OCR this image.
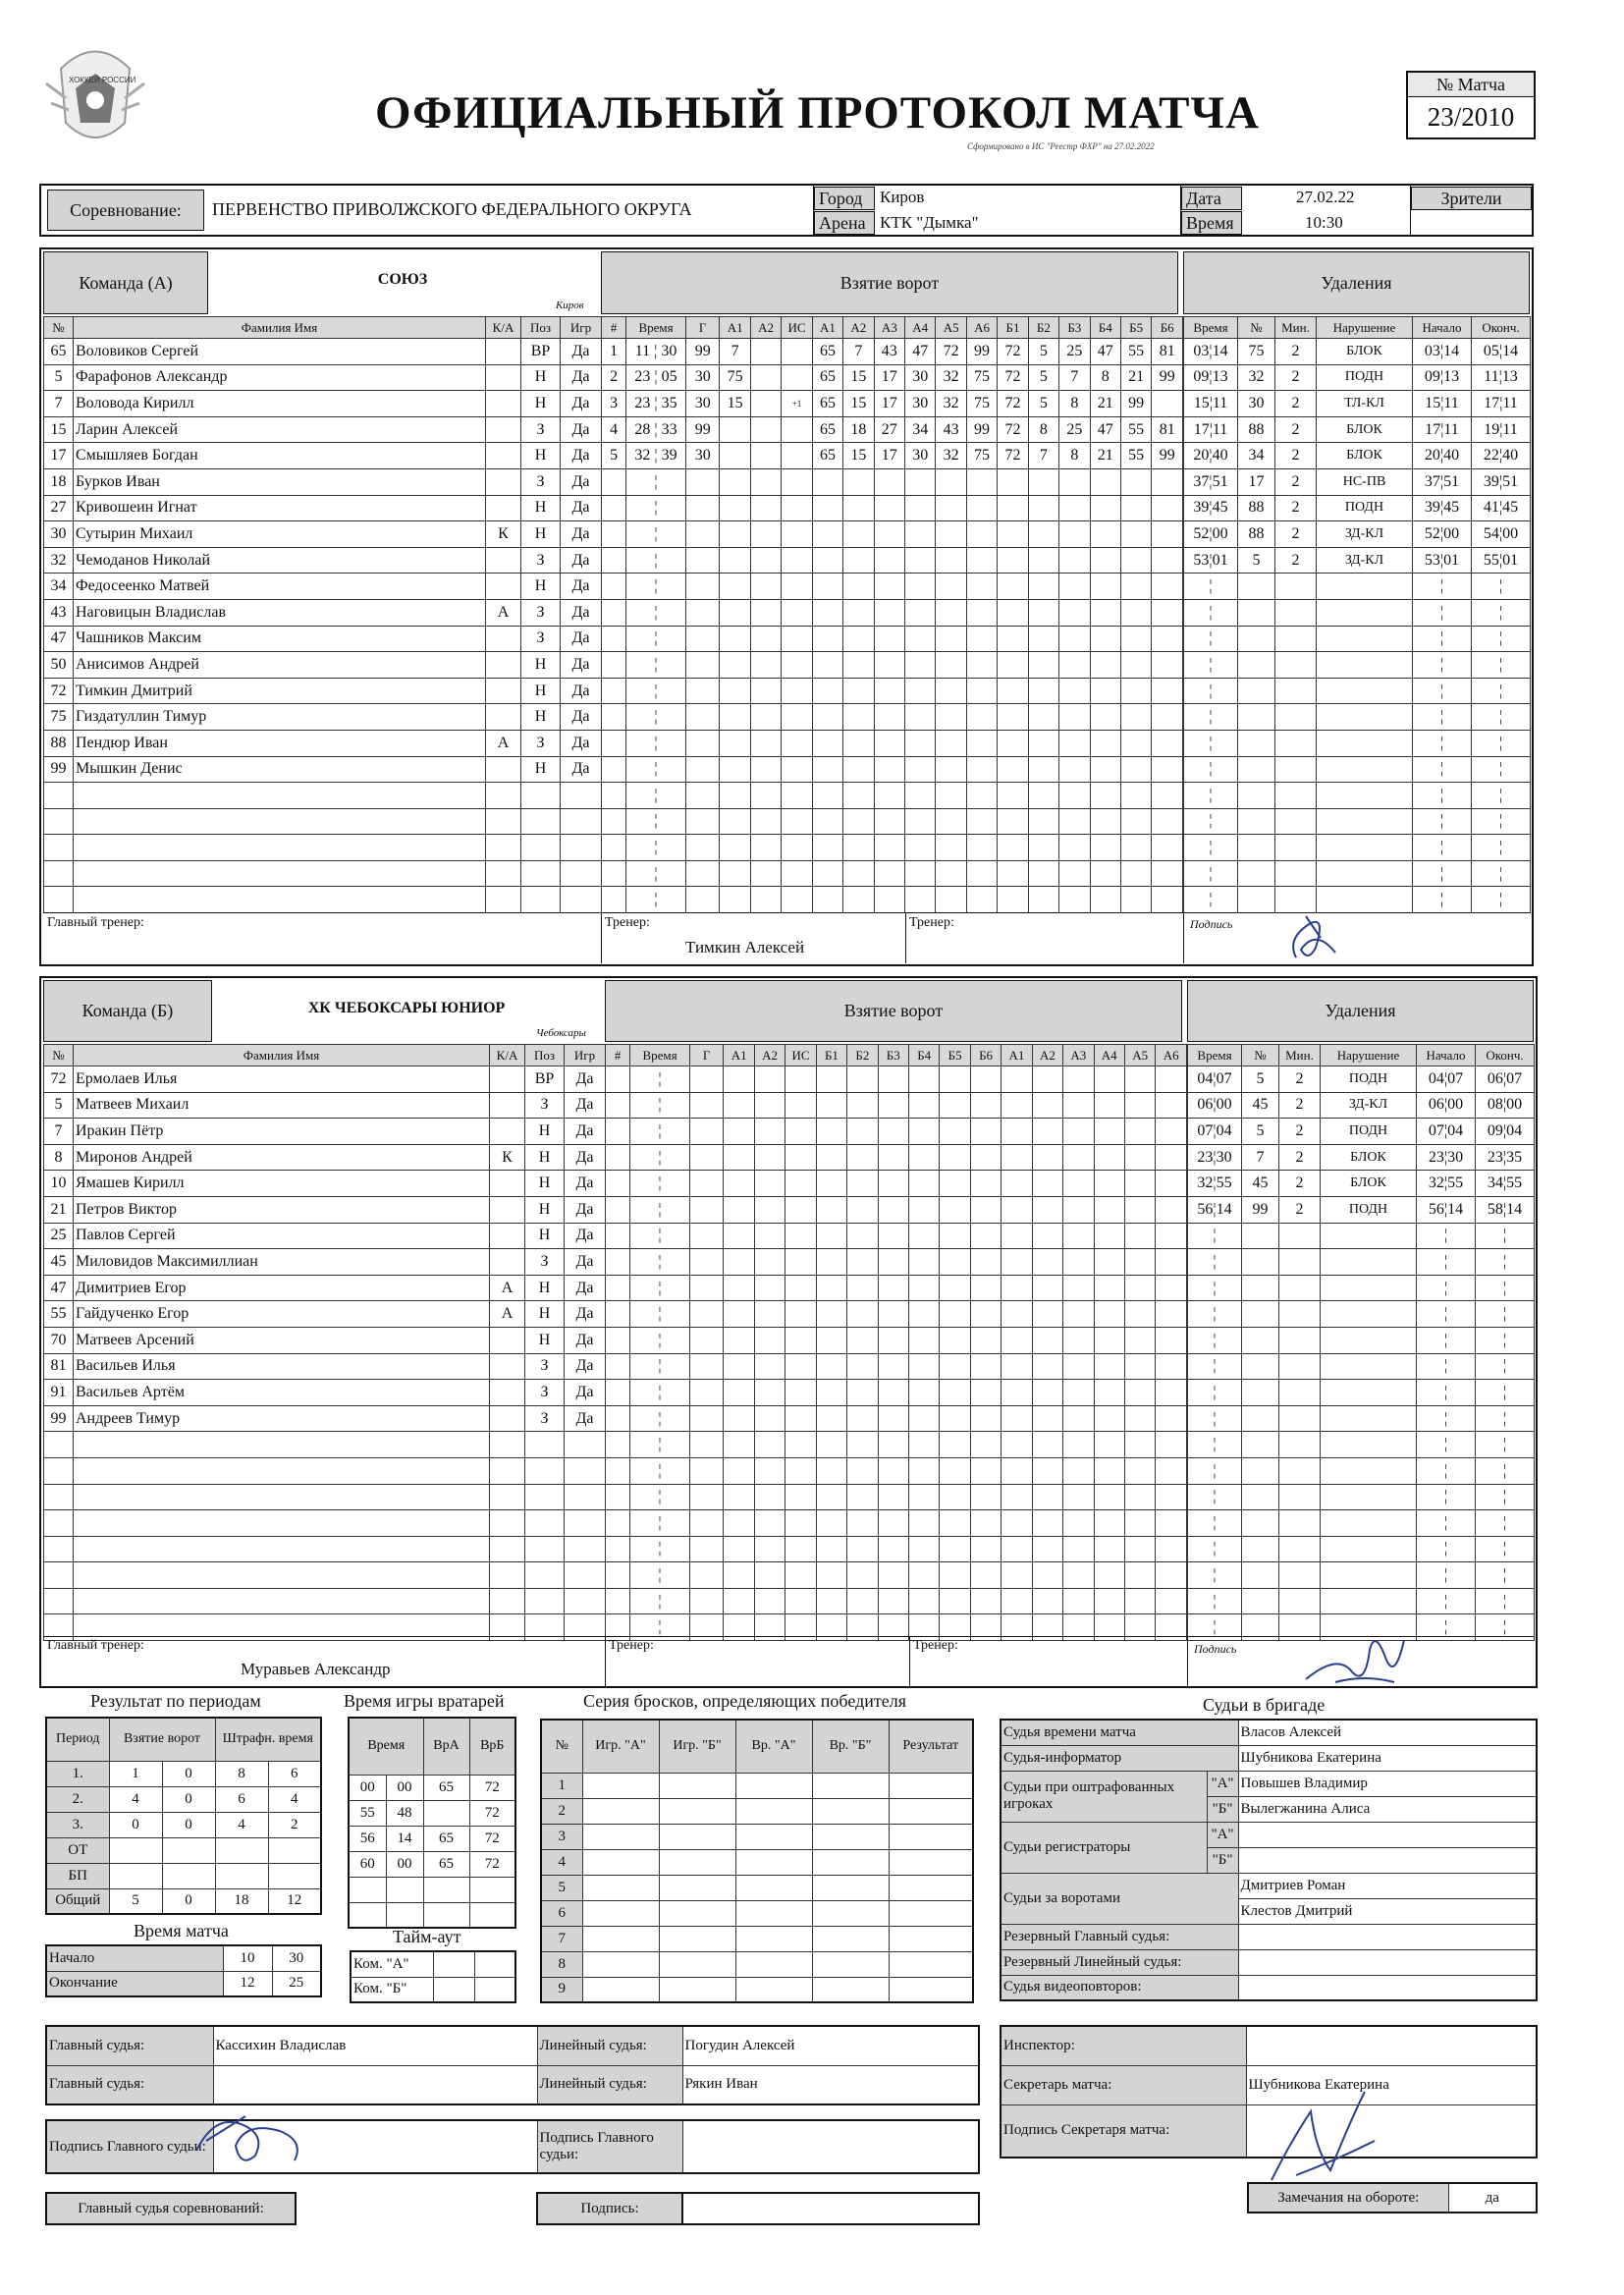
ХОККЕЙ РОССИИ
ОФИЦИАЛЬНЫЙ ПРОТОКОЛ МАТЧА
Сформировано в ИС "Реестр ФХР" на 27.02.2022
№ Матча
23/2010
Соревнование:	ПЕРВЕНСТВО ПРИВОЛЖСКОГО ФЕДЕРАЛЬНОГО ОКРУГА
Город	Киров
Арена КТК "Дымка"
Дата	27.02.22
Время	10:30
Зрители
Команда (А)	СОЮЗ
Киров
Взятие ворот	Удаления
№	Фамилия Имя	К/А	Поз	Игр
65	Воловиков Сергей		ВР	Да
5	Фарафонов Александр		Н	Да
7	Воловода Кирилл		Н	Да
15	Ларин Алексей		З	Да
17	Смышляев Богдан		Н	Да
18	Бурков Иван		З	Да
27	Кривошеин Игнат		Н	Да
30	Сутырин Михаил	К	Н	Да
32	Чемоданов Николай		З	Да
34	Федосеенко Матвей		Н	Да
43	Наговицын Владислав	А	З	Да
47	Чашников Максим		З	Да
50	Анисимов Андрей		Н	Да
72	Тимкин Дмитрий		Н	Да
75	Гиздатуллин Тимур		Н	Да
88	Пендюр Иван	А	З	Да
99	Мышкин Денис		Н	Да

#	Время	Г	А1	А2	ИС	А1	А2	А3	А4	А5	А6	Б1	Б2	Б3	Б4	Б5	Б6
1	11 ¦ 30	99	7			65	7	43	47	72	99	72	5	25	47	55	81
2	23 ¦ 05	30	75			65	15	17	30	32	75	72	5	7	8	21	99
3	23 ¦ 35	30	15		+1	65	15	17	30	32	75	72	5	8	21	99	
4	28 ¦ 33	99				65	18	27	34	43	99	72	8	25	47	55	81
5	32 ¦ 39	30				65	15	17	30	32	75	72	7	8	21	55	99
	¦																
	¦																
	¦																
	¦																
	¦																
	¦																
	¦																
	¦																
	¦																
	¦																
	¦																
	¦																
	¦																
	¦																
	¦																
	¦																
	¦																
Время	№	Мин.	Нарушение	Начало	Оконч.
03¦14	75	2	БЛОК	03¦14	05¦14
09¦13	32	2	ПОДН	09¦13	11¦13
15¦11	30	2	ТЛ-КЛ	15¦11	17¦11
17¦11	88	2	БЛОК	17¦11	19¦11
20¦40	34	2	БЛОК	20¦40	22¦40
37¦51	17	2	НС-ПВ	37¦51	39¦51
39¦45	88	2	ПОДН	39¦45	41¦45
52¦00	88	2	ЗД-КЛ	52¦00	54¦00
53¦01	5	2	ЗД-КЛ	53¦01	55¦01
¦				¦	¦
¦				¦	¦
¦				¦	¦
¦				¦	¦
¦				¦	¦
¦				¦	¦
¦				¦	¦
¦				¦	¦
¦				¦	¦
¦				¦	¦
¦				¦	¦
¦				¦	¦
¦				¦	¦
Главный тренер:	Тренер:
Тимкин Алексей
Тренер:	Подпись
Команда (Б)	ХК ЧЕБОКСАРЫ ЮНИОР
Чебоксары
Взятие ворот	Удаления
№	Фамилия Имя	К/А	Поз	Игр
72	Ермолаев Илья		ВР	Да
5	Матвеев Михаил		З	Да
7	Иракин Пётр		Н	Да
8	Миронов Андрей	К	Н	Да
10	Ямашев Кирилл		Н	Да
21	Петров Виктор		Н	Да
25	Павлов Сергей		Н	Да
45	Миловидов Максимиллиан		З	Да
47	Димитриев Егор	А	Н	Да
55	Гайдученко Егор	А	Н	Да
70	Матвеев Арсений		Н	Да
81	Васильев Илья		З	Да
91	Васильев Артём		З	Да
99	Андреев Тимур		З	Да

#	Время	Г	А1	А2	ИС	Б1	Б2	Б3	Б4	Б5	Б6	А1	А2	А3	А4	А5	А6
	¦																
	¦																
	¦																
	¦																
	¦																
	¦																
	¦																
	¦																
	¦																
	¦																
	¦																
	¦																
	¦																
	¦																
	¦																
	¦																
	¦																
	¦																
	¦																
	¦																
	¦																
	¦																
Время	№	Мин.	Нарушение	Начало	Оконч.
04¦07	5	2	ПОДН	04¦07	06¦07
06¦00	45	2	ЗД-КЛ	06¦00	08¦00
07¦04	5	2	ПОДН	07¦04	09¦04
23¦30	7	2	БЛОК	23¦30	23¦35
32¦55	45	2	БЛОК	32¦55	34¦55
56¦14	99	2	ПОДН	56¦14	58¦14
¦				¦	¦
¦				¦	¦
¦				¦	¦
¦				¦	¦
¦				¦	¦
¦				¦	¦
¦				¦	¦
¦				¦	¦
¦				¦	¦
¦				¦	¦
¦				¦	¦
¦				¦	¦
¦				¦	¦
¦				¦	¦
¦				¦	¦
¦				¦	¦
Главный тренер:
Муравьев Александр
Тренер:	Тренер:	Подпись
Результат по периодам
Период	Взятие ворот		Штрафн. время	
1.	1	0	8	6
2.	4	0	6	4
3.	0	0	4	2
ОТ				
БП				
Общий	5	0	18	12
Время матча
Начало	10	30
Окончание	12	25
Время игры вратарей
Время		ВрА	ВрБ
00	00	65	72
55	48		72
56	14	65	72
60	00	65	72

Тайм-аут
Ком. "А"		
Ком. "Б"		
Серия бросков, определяющих победителя
№	Игр. "А"	Игр. "Б"	Вр. "А"	Вр. "Б"	Результат
1					
2					
3					
4					
5					
6					
7					
8					
9					
Судьи в бригаде
Судья времени матча		Власов Алексей
Судья-информатор		Шубникова Екатерина
Судьи при оштрафованных игроках	"А"	Повышев Владимир
	"Б"	Вылегжанина Алиса
Судьи регистраторы	"А"	
	"Б"	
Судьи за воротами		Дмитриев Роман
		Клестов Дмитрий
Резервный Главный судья:		
Резервный Линейный судья:		
Судья видеоповторов:		
Главный судья:	Кассихин Владислав	Линейный судья:	Погудин Алексей
Главный судья:		Линейный судья:	Рякин Иван
Подпись Главного судьи:		Подпись Главного судьи:	
Главный судья соревнований:		Подпись:	
Инспектор:	
Секретарь матча:	Шубникова Екатерина
Подпись Секретаря матча:	
Замечания на обороте:	да
